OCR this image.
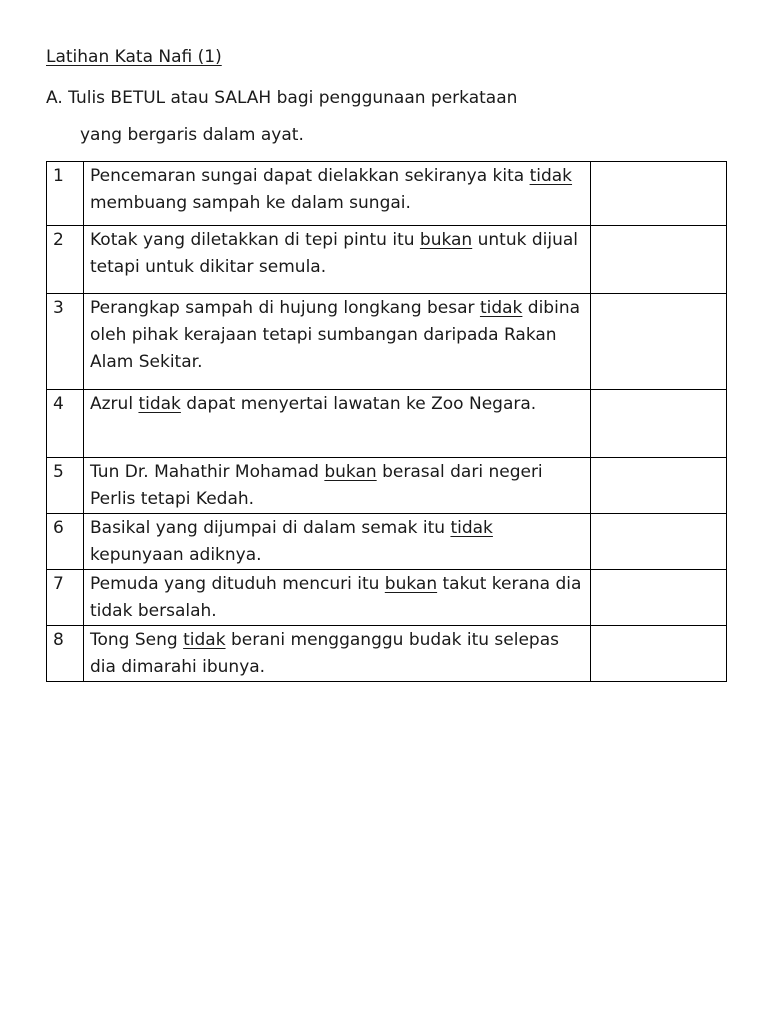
Latihan Kata Nafi (1)
A. Tulis BETUL atau SALAH bagi penggunaan perkataan
yang bergaris dalam ayat.
1	Pencemaran sungai dapat dielakkan sekiranya kita tidak membuang sampah ke dalam sungai.	
2	Kotak yang diletakkan di tepi pintu itu bukan untuk dijual tetapi untuk dikitar semula.	
3	Perangkap sampah di hujung longkang besar tidak dibina oleh pihak kerajaan tetapi sumbangan daripada Rakan Alam Sekitar.	
4	Azrul tidak dapat menyertai lawatan ke Zoo Negara.	
5	Tun Dr. Mahathir Mohamad bukan berasal dari negeri Perlis tetapi Kedah.	
6	Basikal yang dijumpai di dalam semak itu tidak kepunyaan adiknya.	
7	Pemuda yang dituduh mencuri itu bukan takut kerana dia tidak bersalah.	
8	Tong Seng tidak berani mengganggu budak itu selepas dia dimarahi ibunya.	
